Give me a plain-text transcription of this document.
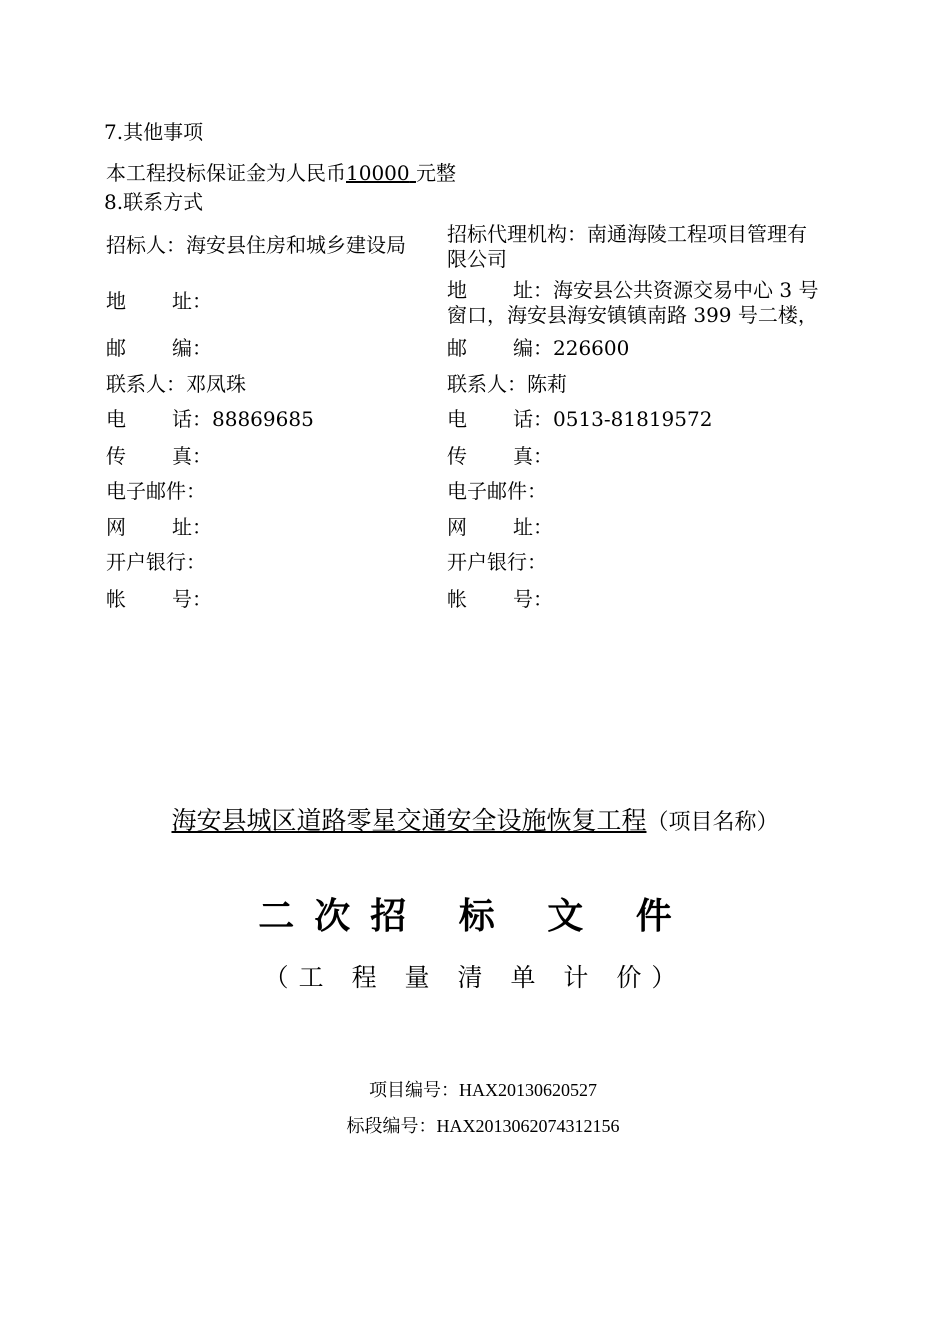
7.其他事项
本工程投标保证金为人民币10000 元整
8.联系方式
招标人：海安县住房和城乡建设局
地 址：
邮 编：
联系人：邓凤珠
电 话：88869685
传 真：
电子邮件：
网 址：
开户银行：
帐 号：
招标代理机构：南通海陵工程项目管理有
限公司
地 址：海安县公共资源交易中心 3 号
窗口，海安县海安镇镇南路 399 号二楼，
邮 编：226600
联系人：陈莉
电 话：0513-81819572
传 真：
电子邮件：
网 址：
开户银行：
帐 号：
海安县城区道路零星交通安全设施恢复工程（项目名称）
二次招 标 文 件
（工 程 量 清 单 计 价）
项目编号：HAX20130620527
标段编号：HAX2013062074312156
